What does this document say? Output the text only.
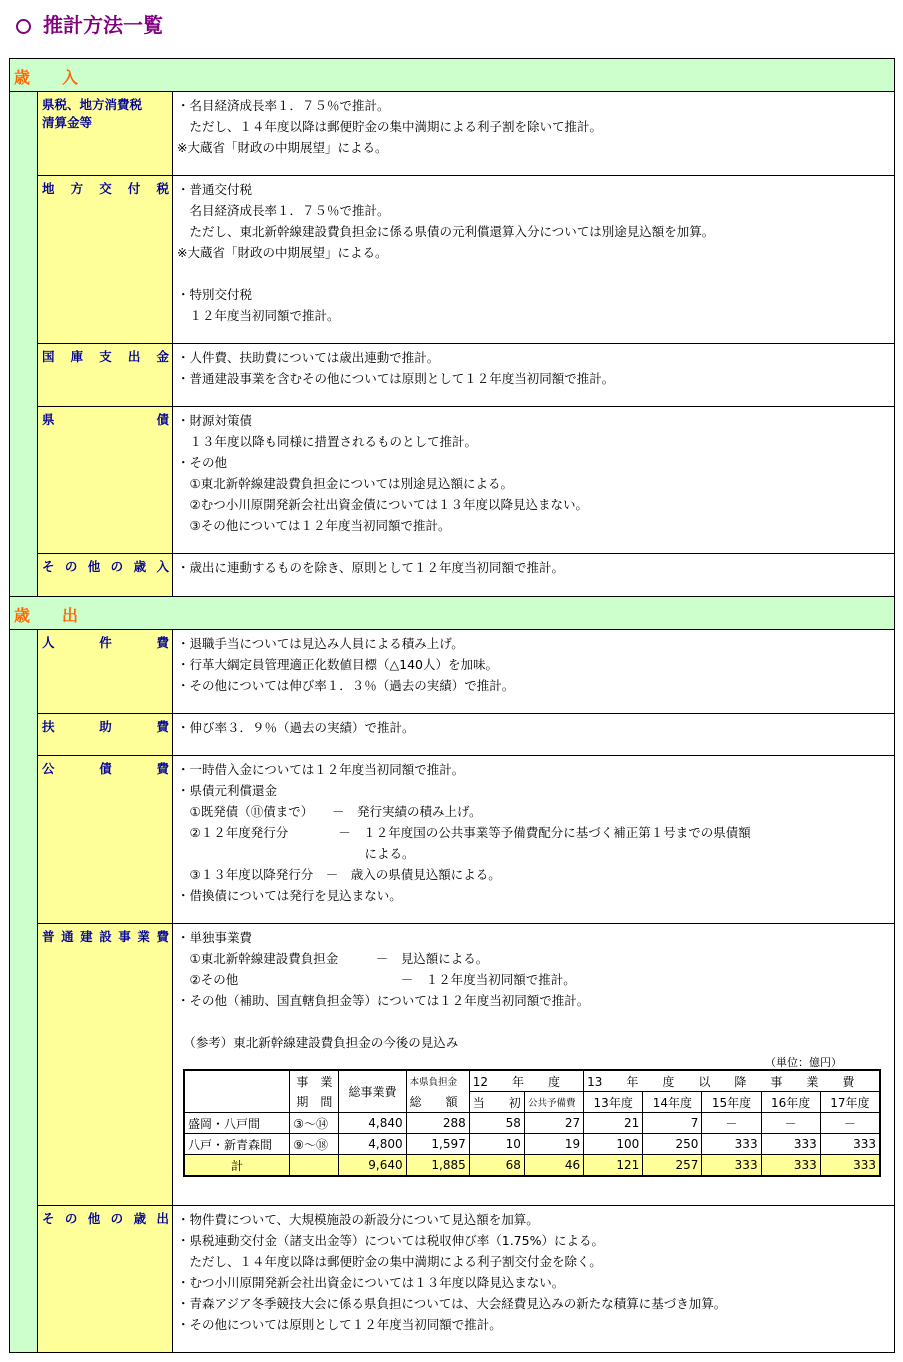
推計方法一覧
歳　　入
県税、地方消費税
清算金等
・名目経済成長率１．７５％で推計。
　ただし、１４年度以降は郵便貯金の集中満期による利子割を除いて推計。
※大蔵省「財政の中期展望」による。
地 方 交 付 税 ・普通交付税
　名目経済成長率１．７５％で推計。
　ただし、東北新幹線建設費負担金に係る県債の元利償還算入分については別途見込額を加算。
※大蔵省「財政の中期展望」による。
・特別交付税
　１２年度当初同額で推計。
国 庫 支 出 金 ・人件費、扶助費については歳出連動で推計。
・普通建設事業を含むその他については原則として１２年度当初同額で推計。
県	債 ・財源対策債
　１３年度以降も同様に措置されるものとして推計。
・その他
　①東北新幹線建設費負担金については別途見込額による。
　②むつ小川原開発新会社出資金債については１３年度以降見込まない。
　③その他については１２年度当初同額で推計。
そ の 他 の 歳 入 ・歳出に連動するものを除き、原則として１２年度当初同額で推計。
歳　　出
人	件	費 ・退職手当については見込み人員による積み上げ。
・行革大綱定員管理適正化数値目標（△140人）を加味。
・その他については伸び率１．３％（過去の実績）で推計。
扶	助	費 ・伸び率３．９％（過去の実績）で推計。
公	債	費 ・一時借入金については１２年度当初同額で推計。
・県債元利償還金
　①既発債（⑪債まで）　　－　発行実績の積み上げ。
　②１２年度発行分　　　　－　１２年度国の公共事業等予備費配分に基づく補正第１号までの県債額
　　　　　　　　　　　　　　　による。
　③１３年度以降発行分　－　歳入の県債見込額による。
・借換債については発行を見込まない。
普 通 建 設 事 業 費 ・単独事業費
　①東北新幹線建設費負担金　　　－　見込額による。
　②その他　　　　　　　　　　　　　－　１２年度当初同額で推計。
・その他（補助、国直轄負担金等）については１２年度当初同額で推計。
　（参考）東北新幹線建設費負担金の今後の見込み
そ の 他 の 歳 出 ・物件費について、大規模施設の新設分について見込額を加算。
・県税連動交付金（諸支出金等）については税収伸び率（1.75%）による。
　ただし、１４年度以降は郵便貯金の集中満期による利子割交付金を除く。
・むつ小川原開発新会社出資金については１３年度以降見込まない。
・青森アジア冬季競技大会に係る県負担については、大会経費見込みの新たな積算に基づき加算。
・その他については原則として１２年度当初同額で推計。
（単位：億円）
	事　業	総事業費	本県負担金	12　　年　　度		13　　年　　度　　以　　降　　事　　業　　費				
	期　間		総　　額	当　　初	公共予備費	13年度	14年度	15年度	16年度	17年度
盛岡・八戸間	③～⑭	4,840	288	58	27	21	7	－	－	－
八戸・新青森間	⑨～⑱	4,800	1,597	10	19	100	250	333	333	333
計		9,640	1,885	68	46	121	257	333	333	333
